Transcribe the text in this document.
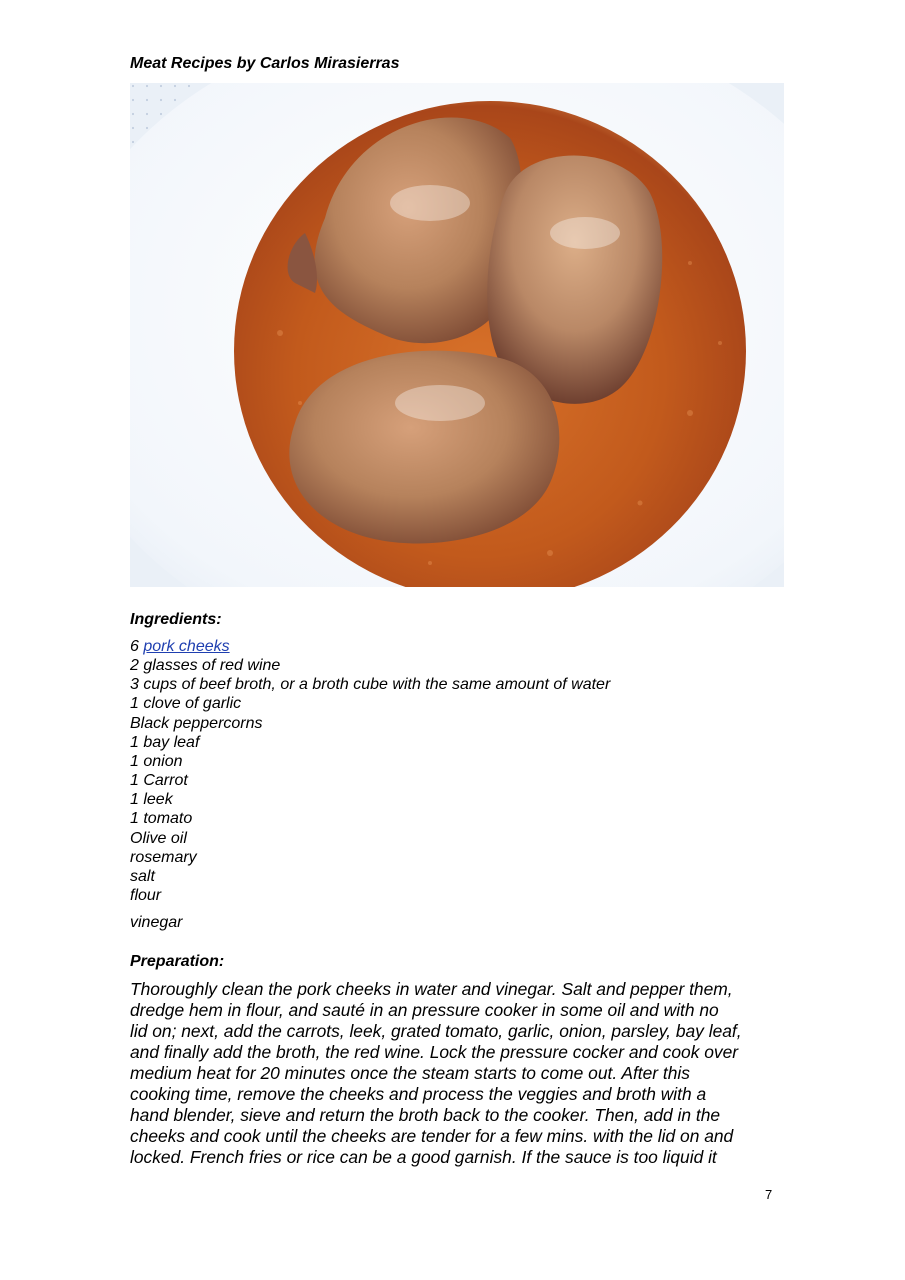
Meat Recipes by Carlos Mirasierras
Ingredients:
6 pork cheeks
2 glasses of red wine
3 cups of beef broth, or a broth cube with the same amount of water
1 clove of garlic
Black peppercorns
1 bay leaf
1 onion
1 Carrot
1 leek
1 tomato
Olive oil
rosemary
salt
flour
vinegar
Preparation:

Thoroughly clean the pork cheeks in water and vinegar. Salt and pepper them,
dredge hem in flour, and sauté in an pressure cooker in some oil and with no
lid on; next, add the carrots, leek, grated tomato, garlic, onion, parsley, bay leaf,
and finally add the broth, the red wine. Lock the pressure cocker and cook over
medium heat for 20 minutes once the steam starts to come out. After this
cooking time, remove the cheeks and process the veggies and broth with a
hand blender, sieve and return the broth back to the cooker. Then, add in the
cheeks and cook until the cheeks are tender for a few mins. with the lid on and
locked. French fries or rice can be a good garnish. If the sauce is too liquid it

7
